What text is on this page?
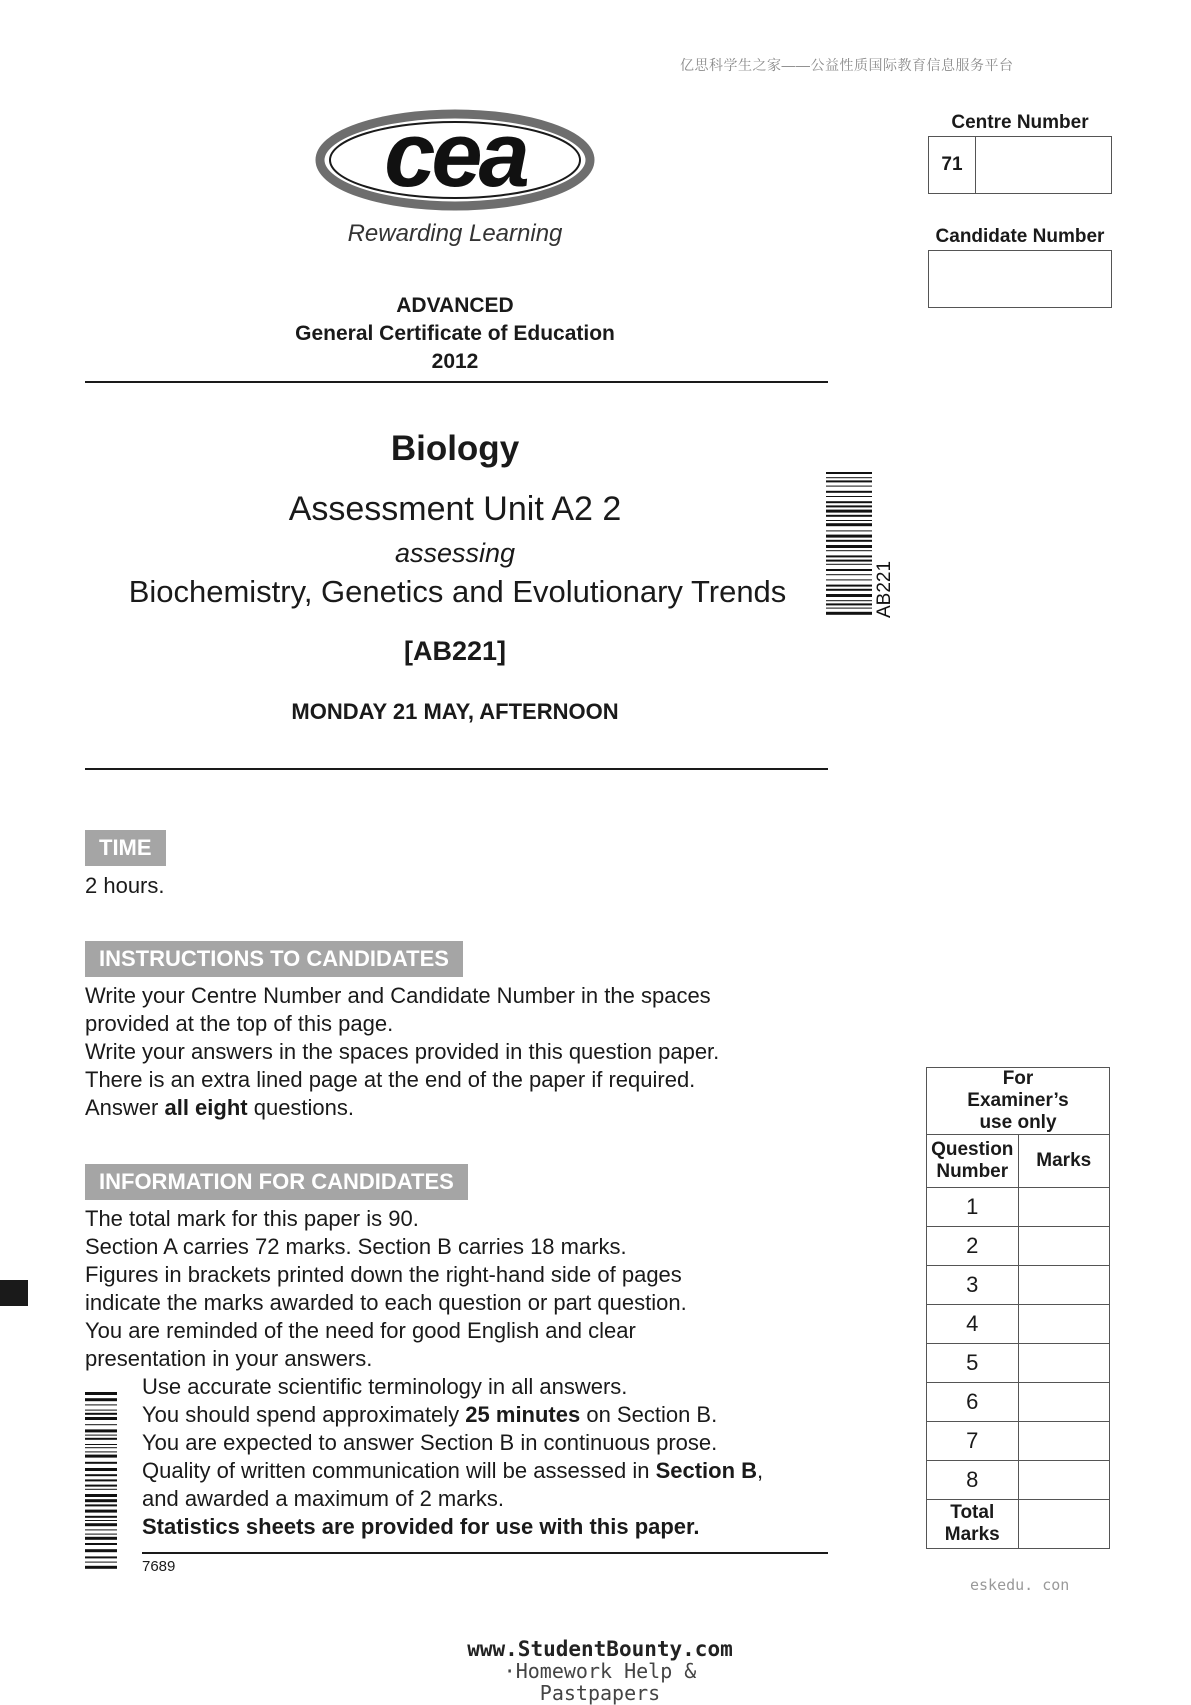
亿思科学生之家——公益性质国际教育信息服务平台
cea
Rewarding Learning
ADVANCED
General Certificate of Education
2012
Centre Number
71
Candidate Number
Biology
Assessment Unit A2 2
assessing
Biochemistry, Genetics and Evolutionary Trends
[AB221]
MONDAY 21 MAY, AFTERNOON
AB221
TIME
2 hours.
INSTRUCTIONS TO CANDIDATES
Write your Centre Number and Candidate Number in the spaces
provided at the top of this page.
Write your answers in the spaces provided in this question paper.
There is an extra lined page at the end of the paper if required.
Answer all eight questions.
INFORMATION FOR CANDIDATES
The total mark for this paper is 90.
Section A carries 72 marks. Section B carries 18 marks.
Figures in brackets printed down the right-hand side of pages
indicate the marks awarded to each question or part question.
You are reminded of the need for good English and clear
presentation in your answers.
Use accurate scientific terminology in all answers.
You should spend approximately 25 minutes on Section B.
You are expected to answer Section B in continuous prose.
Quality of written communication will be assessed in Section B,
and awarded a maximum of 2 marks.
Statistics sheets are provided for use with this paper.
7689
For Examiner’s use only	

Question Number	Marks
1	
2	
3	
4	
5	
6	
7	
8	

Total Marks	

eskedu. con
www.StudentBounty.com
·Homework Help & Pastpapers
